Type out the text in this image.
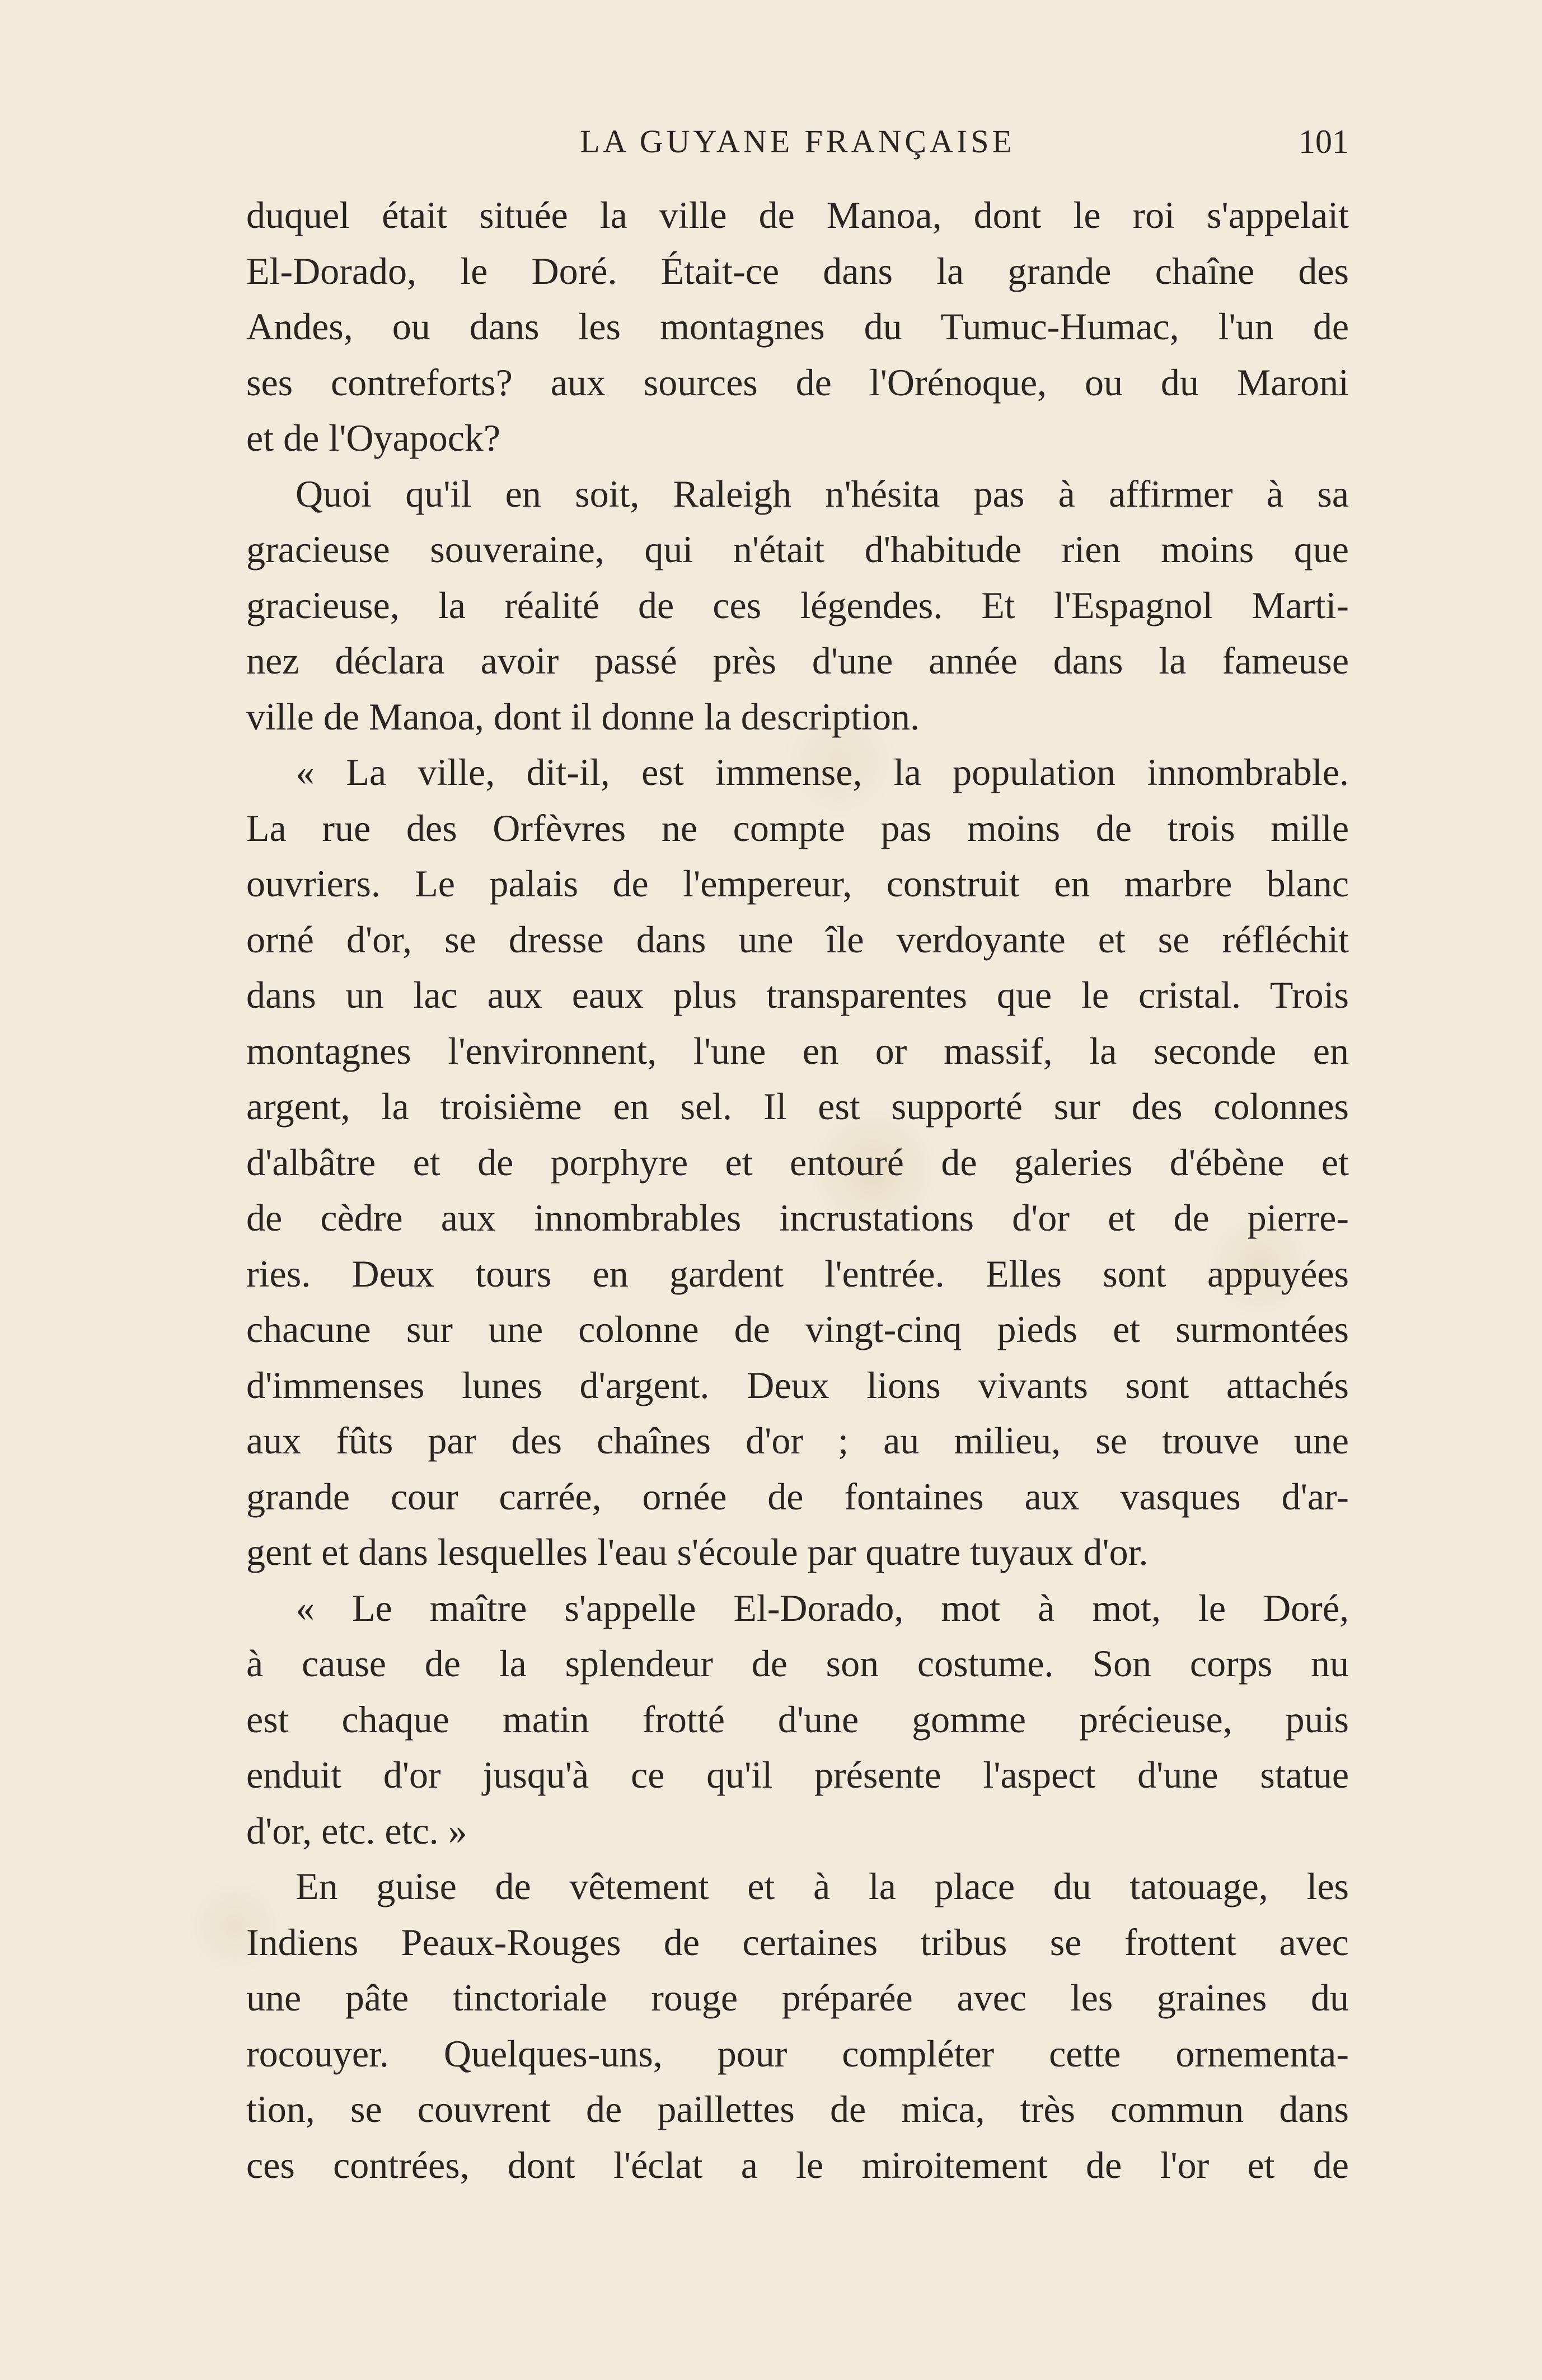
LA GUYANE FRANÇAISE	101
duquel était située la ville de Manoa, dont le roi s'appelait
El-Dorado, le Doré. Était-ce dans la grande chaîne des
Andes, ou dans les montagnes du Tumuc-Humac, l'un de
ses contreforts? aux sources de l'Orénoque, ou du Maroni
et de l'Oyapock?
Quoi qu'il en soit, Raleigh n'hésita pas à affirmer à sa
gracieuse souveraine, qui n'était d'habitude rien moins que
gracieuse, la réalité de ces légendes. Et l'Espagnol Marti-
nez déclara avoir passé près d'une année dans la fameuse
ville de Manoa, dont il donne la description.
« La ville, dit-il, est immense, la population innombrable.
La rue des Orfèvres ne compte pas moins de trois mille
ouvriers. Le palais de l'empereur, construit en marbre blanc
orné d'or, se dresse dans une île verdoyante et se réfléchit
dans un lac aux eaux plus transparentes que le cristal. Trois
montagnes l'environnent, l'une en or massif, la seconde en
argent, la troisième en sel. Il est supporté sur des colonnes
d'albâtre et de porphyre et entouré de galeries d'ébène et
de cèdre aux innombrables incrustations d'or et de pierre-
ries. Deux tours en gardent l'entrée. Elles sont appuyées
chacune sur une colonne de vingt-cinq pieds et surmontées
d'immenses lunes d'argent. Deux lions vivants sont attachés
aux fûts par des chaînes d'or ; au milieu, se trouve une
grande cour carrée, ornée de fontaines aux vasques d'ar-
gent et dans lesquelles l'eau s'écoule par quatre tuyaux d'or.
« Le maître s'appelle El-Dorado, mot à mot, le Doré,
à cause de la splendeur de son costume. Son corps nu
est chaque matin frotté d'une gomme précieuse, puis
enduit d'or jusqu'à ce qu'il présente l'aspect d'une statue
d'or, etc. etc. »
En guise de vêtement et à la place du tatouage, les
Indiens Peaux-Rouges de certaines tribus se frottent avec
une pâte tinctoriale rouge préparée avec les graines du
rocouyer. Quelques-uns, pour compléter cette ornementa-
tion, se couvrent de paillettes de mica, très commun dans
ces contrées, dont l'éclat a le miroitement de l'or et de
